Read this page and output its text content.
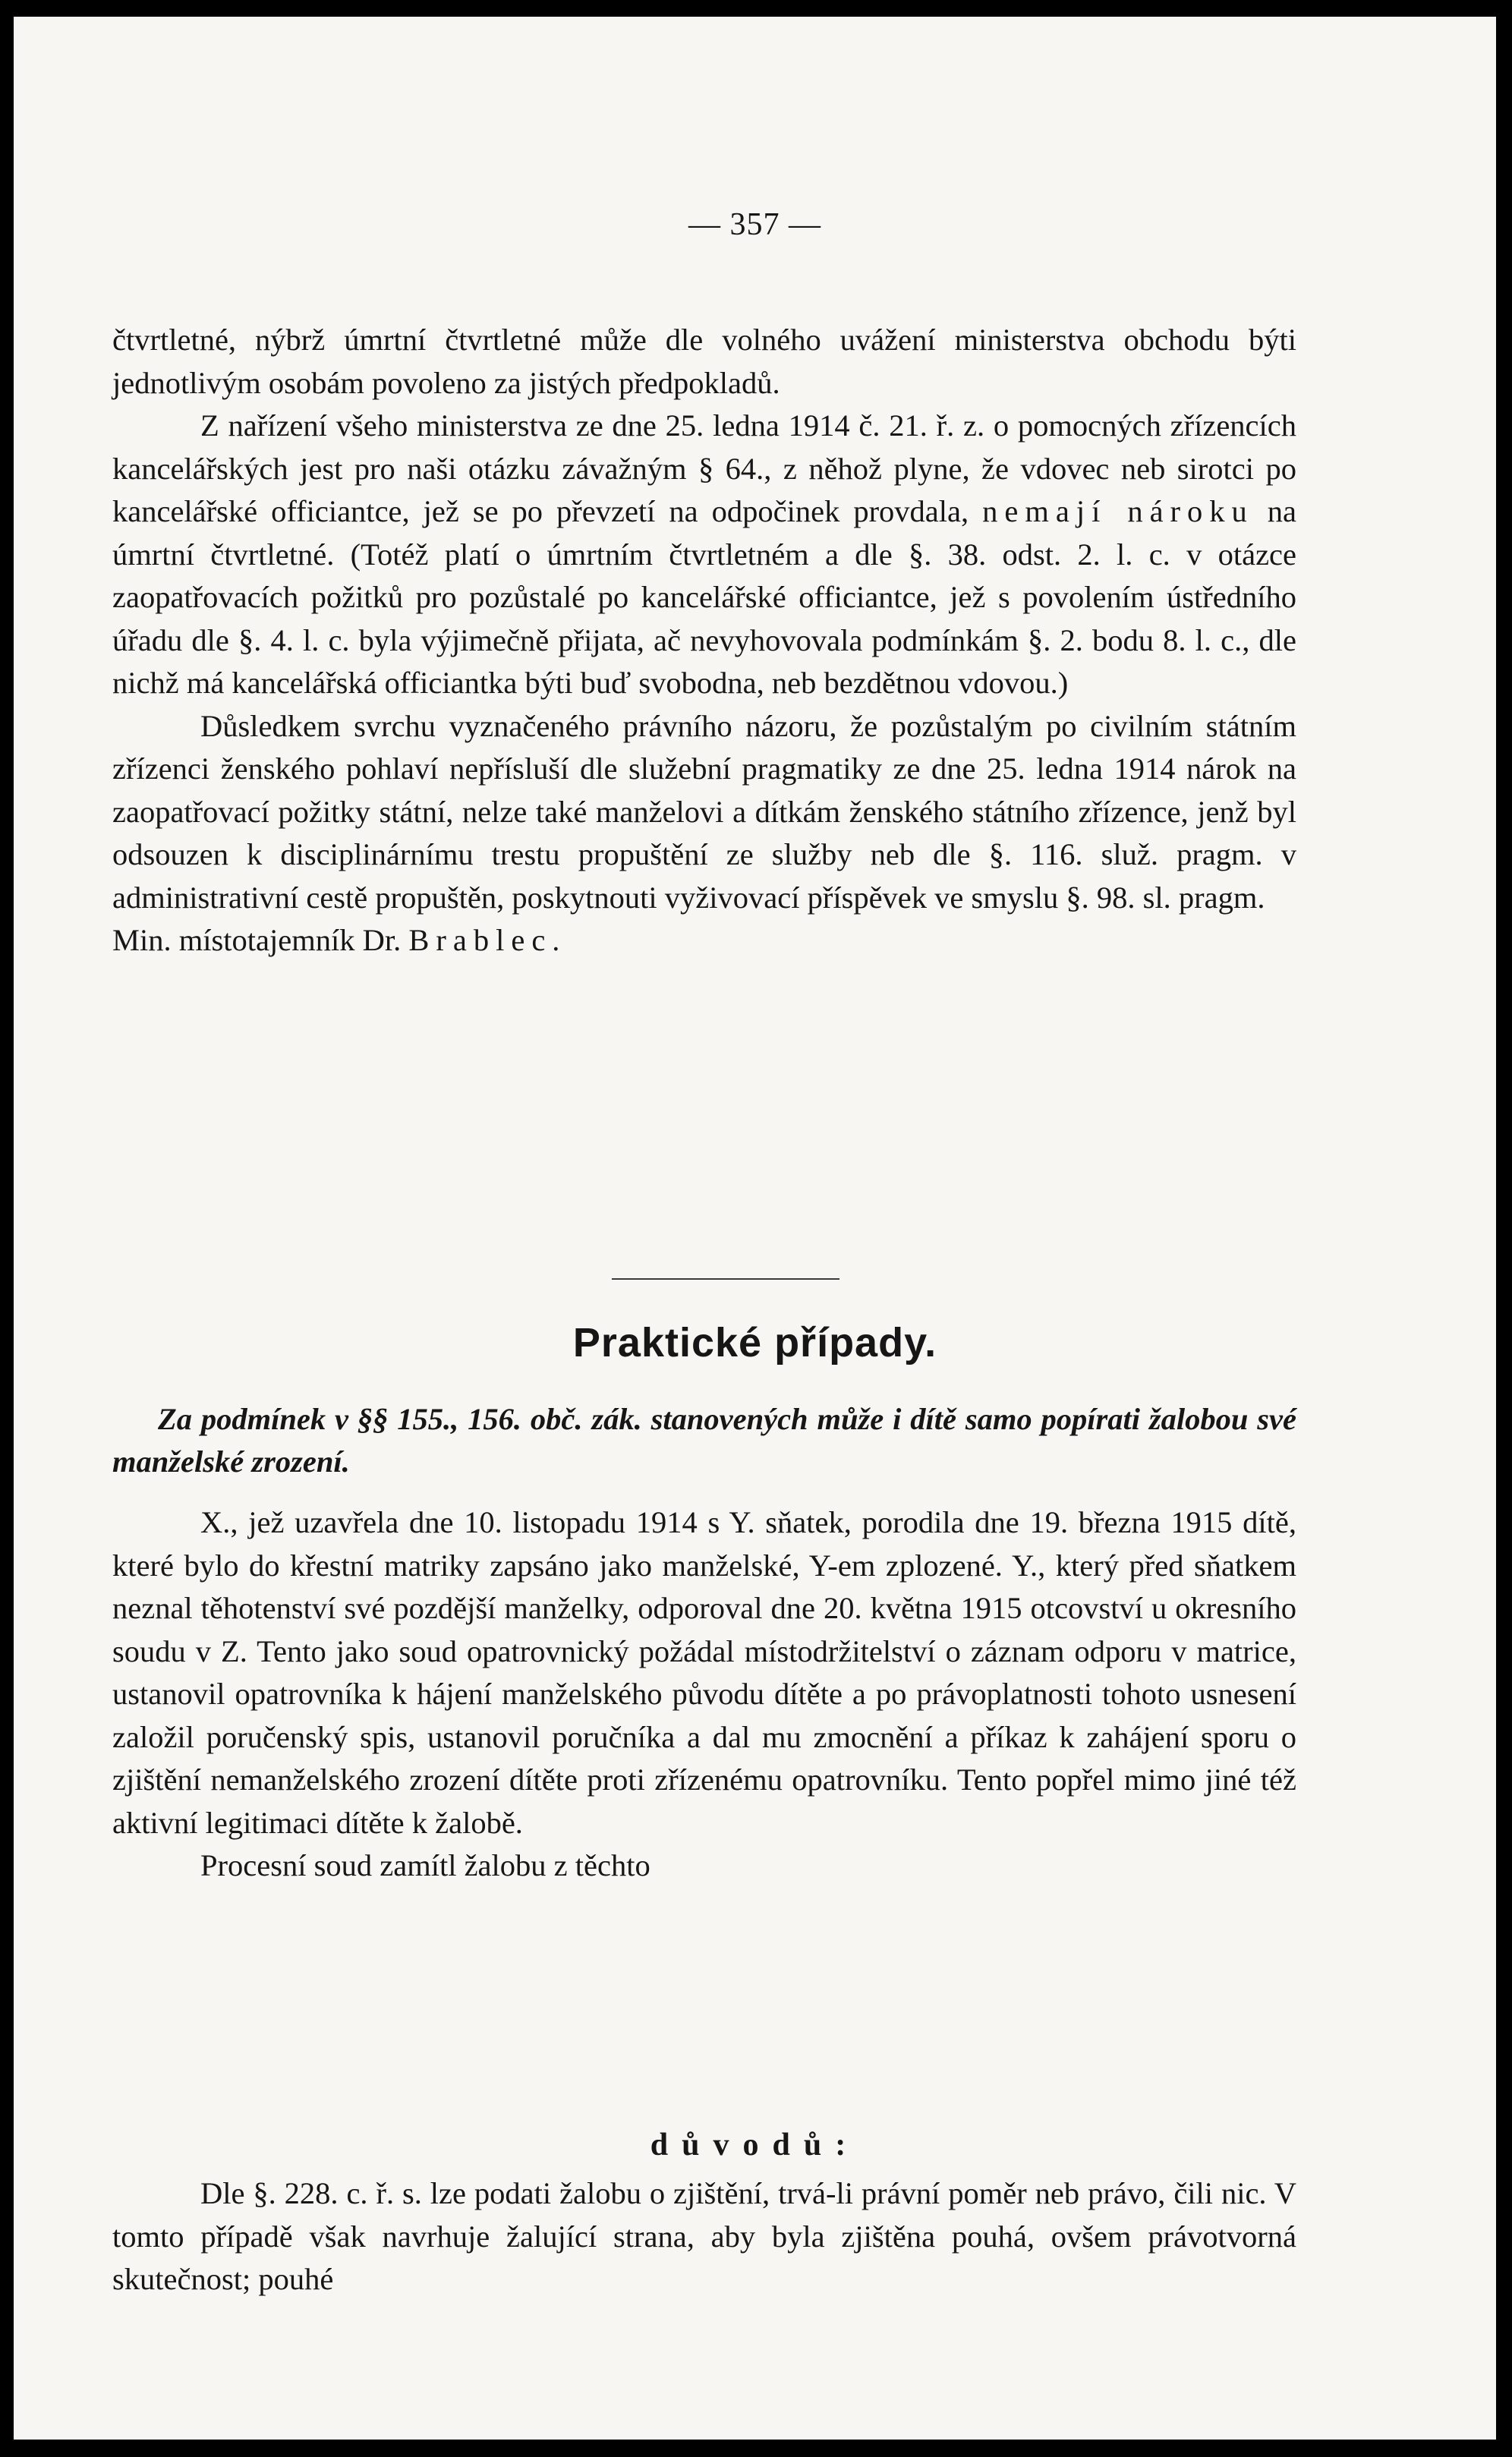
— 357 —

čtvrtletné, nýbrž úmrtní čtvrtletné může dle volného uvážení ministerstva obchodu býti jednotlivým osobám povoleno za jistých předpokladů.

Z nařízení všeho ministerstva ze dne 25. ledna 1914 č. 21. ř. z. o pomocných zřízencích kancelářských jest pro naši otázku závažným § 64., z něhož plyne, že vdovec neb sirotci po kancelářské officiantce, jež se po převzetí na odpočinek provdala, nemají nároku na úmrtní čtvrtletné. (Totéž platí o úmrtním čtvrtletném a dle §. 38. odst. 2. l. c. v otázce zaopatřovacích požitků pro pozůstalé po kancelářské officiantce, jež s povolením ústředního úřadu dle §. 4. l. c. byla výjimečně přijata, ač nevyhovovala podmínkám §. 2. bodu 8. l. c., dle nichž má kancelářská officiantka býti buď svobodna, neb bezdětnou vdovou.)

Důsledkem svrchu vyznačeného právního názoru, že pozůstalým po civilním státním zřízenci ženského pohlaví nepřísluší dle služební pragmatiky ze dne 25. ledna 1914 nárok na zaopatřovací požitky státní, nelze také manželovi a dítkám ženského státního zřízence, jenž byl odsouzen k disciplinárnímu trestu propuštění ze služby neb dle §. 116. služ. pragm. v administrativní cestě propuštěn, poskytnouti vyživovací příspěvek ve smyslu §. 98. sl. pragm.

Min. místotajemník Dr. Brablec.

Praktické případy.
Za podmínek v §§ 155., 156. obč. zák. stanovených může i dítě samo popírati žalobou své manželské zrození.

X., jež uzavřela dne 10. listopadu 1914 s Y. sňatek, porodila dne 19. března 1915 dítě, které bylo do křestní matriky zapsáno jako manželské, Y-em zplozené. Y., který před sňatkem neznal těhotenství své pozdější manželky, odporoval dne 20. května 1915 otcovství u okresního soudu v Z. Tento jako soud opatrovnický požádal místodržitelství o záznam odporu v matrice, ustanovil opatrovníka k hájení manželského původu dítěte a po právoplatnosti tohoto usnesení založil poručenský spis, ustanovil poručníka a dal mu zmocnění a příkaz k zahájení sporu o zjištění nemanželského zrození dítěte proti zřízenému opatrovníku. Tento popřel mimo jiné též aktivní legitimaci dítěte k žalobě.

Procesní soud zamítl žalobu z těchto

důvodů:

Dle §. 228. c. ř. s. lze podati žalobu o zjištění, trvá-li právní poměr neb právo, čili nic. V tomto případě však navrhuje žalující strana, aby byla zjištěna pouhá, ovšem právotvorná skutečnost; pouhé
